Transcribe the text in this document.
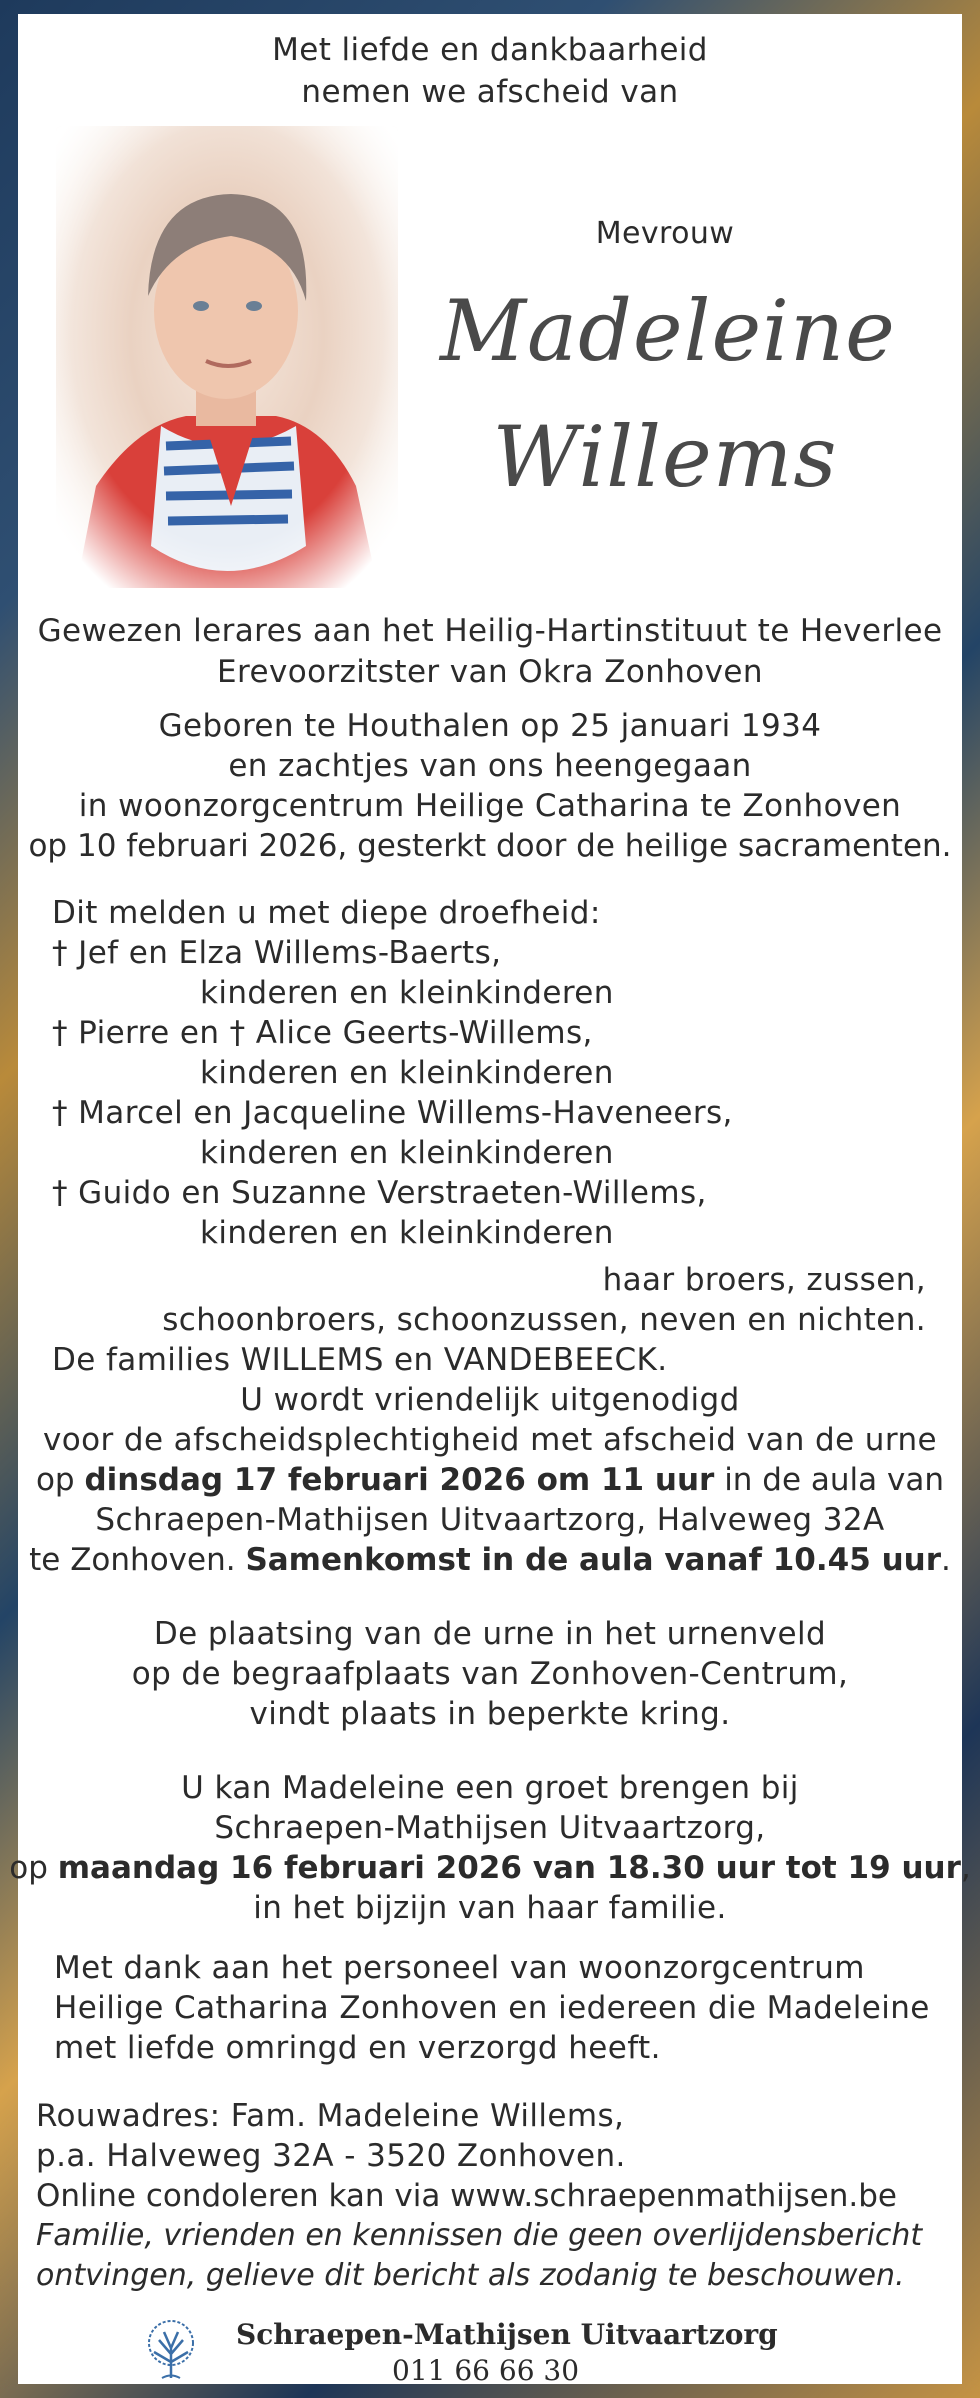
Met liefde en dankbaarheid
nemen we afscheid van
Mevrouw
Madeleine
Willems
Gewezen lerares aan het Heilig-Hartinstituut te Heverlee
Erevoorzitster van Okra Zonhoven
Geboren te Houthalen op 25 januari 1934
en zachtjes van ons heengegaan
in woonzorgcentrum Heilige Catharina te Zonhoven
op 10 februari 2026, gesterkt door de heilige sacramenten.
Dit melden u met diepe droefheid:
† Jef en Elza Willems-Baerts,
kinderen en kleinkinderen
† Pierre en † Alice Geerts-Willems,
kinderen en kleinkinderen
† Marcel en Jacqueline Willems-Haveneers,
kinderen en kleinkinderen
† Guido en Suzanne Verstraeten-Willems,
kinderen en kleinkinderen
haar broers, zussen,
schoonbroers, schoonzussen, neven en nichten.
De families WILLEMS en VANDEBEECK.
U wordt vriendelijk uitgenodigd
voor de afscheidsplechtigheid met afscheid van de urne
op dinsdag 17 februari 2026 om 11 uur in de aula van
Schraepen-Mathijsen Uitvaartzorg, Halveweg 32A
te Zonhoven. Samenkomst in de aula vanaf 10.45 uur.
De plaatsing van de urne in het urnenveld
op de begraafplaats van Zonhoven-Centrum,
vindt plaats in beperkte kring.
U kan Madeleine een groet brengen bij
Schraepen-Mathijsen Uitvaartzorg,
op maandag 16 februari 2026 van 18.30 uur tot 19 uur,
in het bijzijn van haar familie.
Met dank aan het personeel van woonzorgcentrum
Heilige Catharina Zonhoven en iedereen die Madeleine
met liefde omringd en verzorgd heeft.
Rouwadres: Fam. Madeleine Willems,
p.a. Halveweg 32A - 3520 Zonhoven.
Online condoleren kan via www.schraepenmathijsen.be
Familie, vrienden en kennissen die geen overlijdensbericht
ontvingen, gelieve dit bericht als zodanig te beschouwen.
Schraepen-Mathijsen Uitvaartzorg
011 66 66 30
